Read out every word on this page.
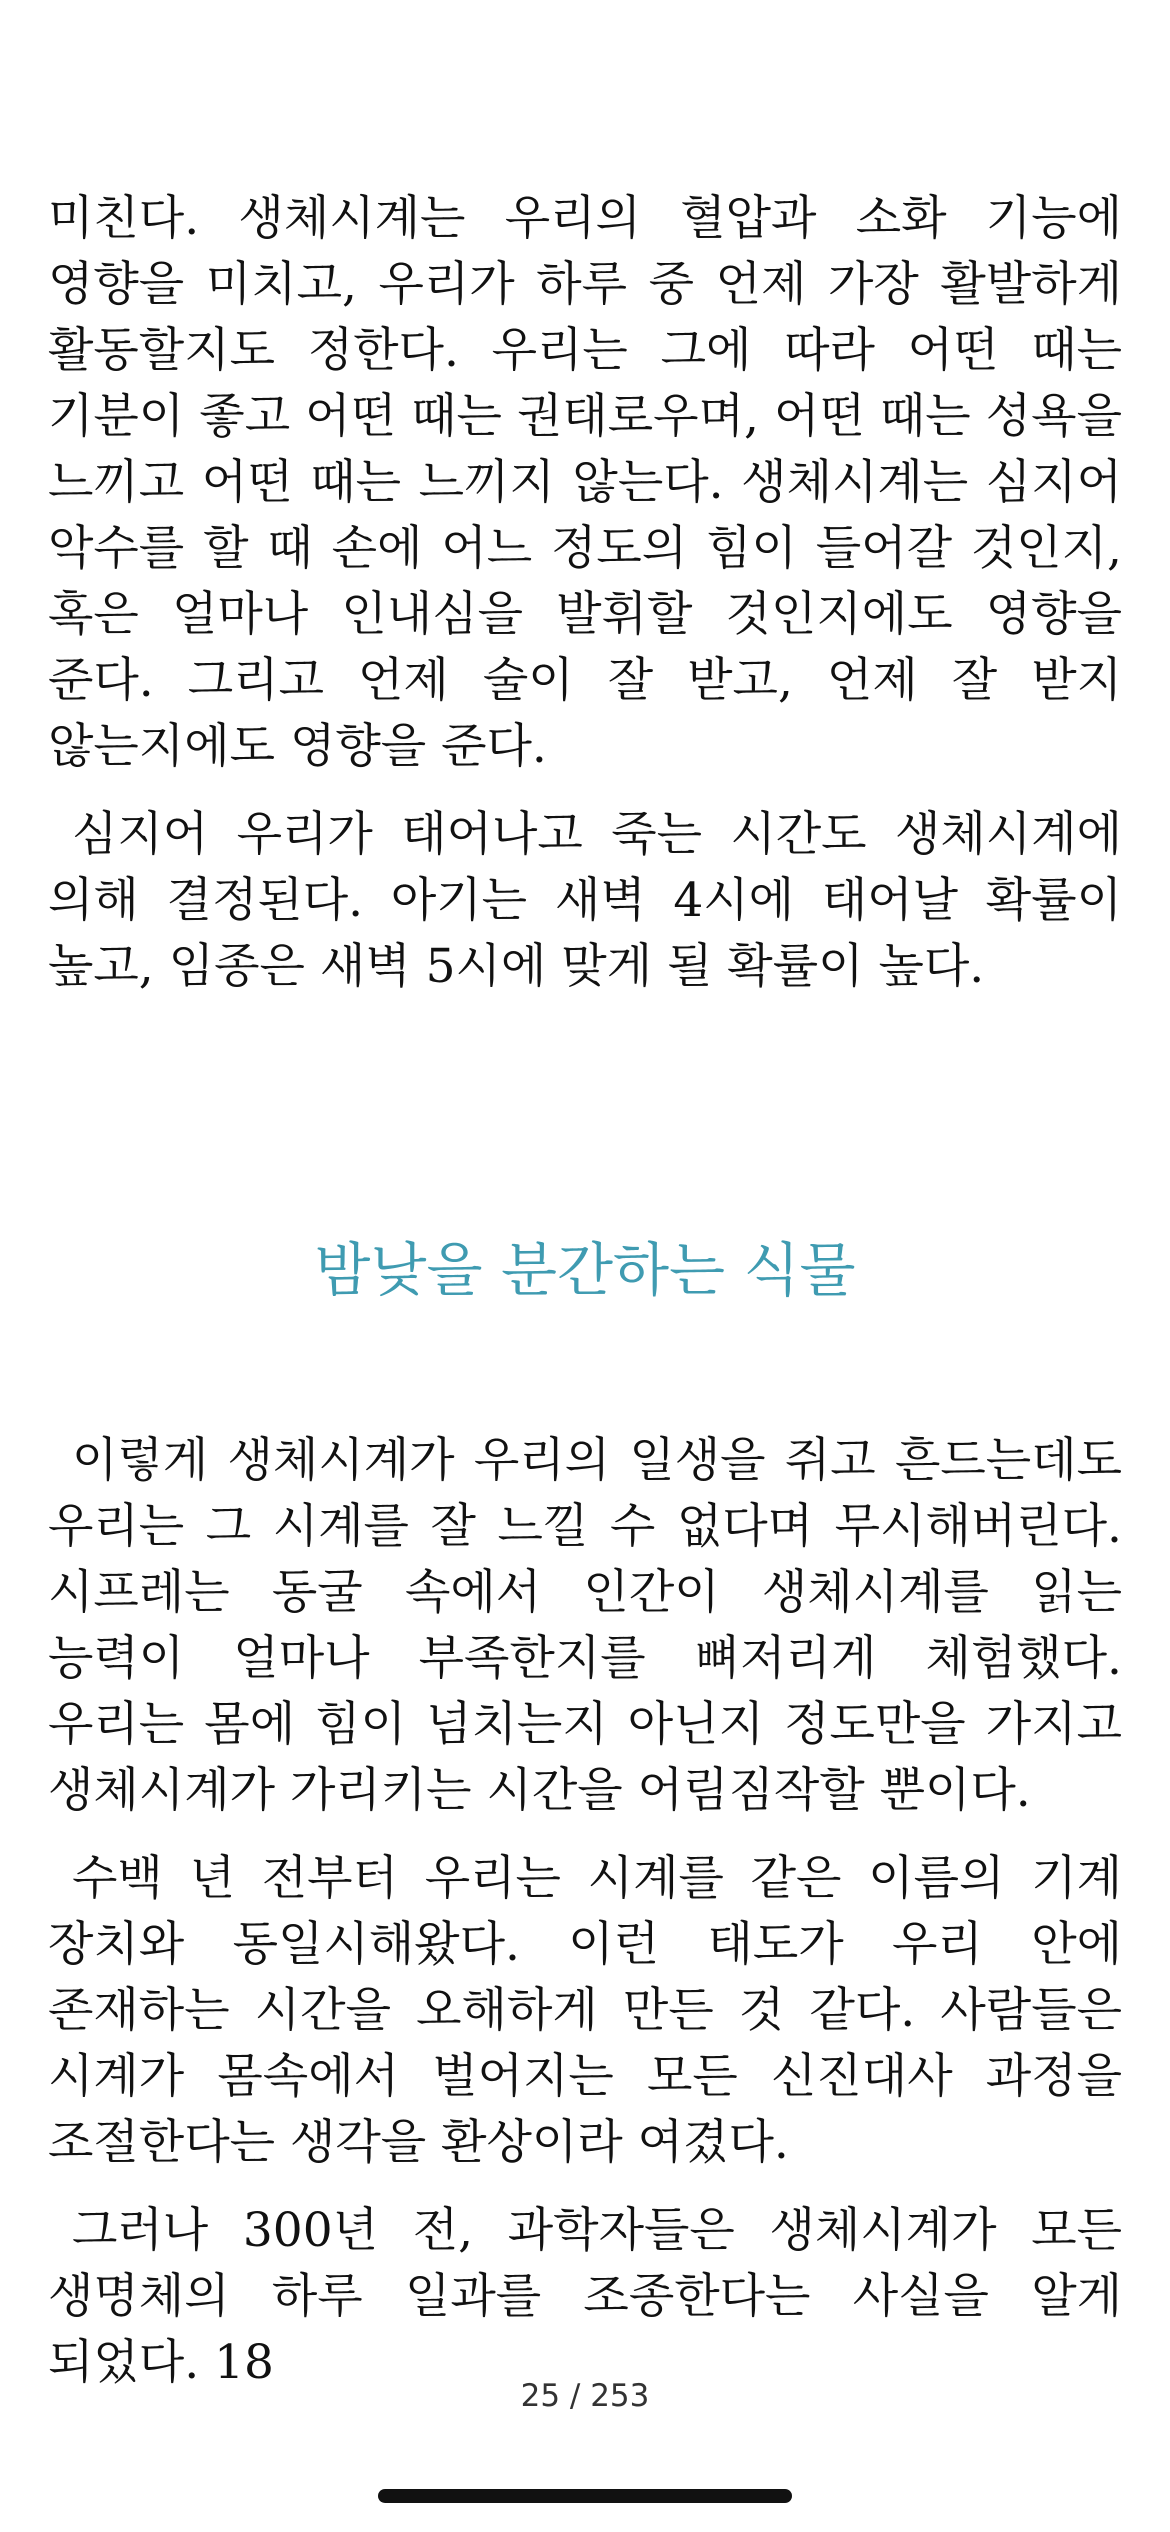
미친다. 생체시계는 우리의 혈압과 소화 기능에 영향을 미치고, 우리가 하루 중 언제 가장 활발하게 활동할지도 정한다. 우리는 그에 따라 어떤 때는 기분이 좋고 어떤 때는 권태로우며, 어떤 때는 성욕을 느끼고 어떤 때는 느끼지 않는다. 생체시계는 심지어 악수를 할 때 손에 어느 정도의 힘이 들어갈 것인지, 혹은 얼마나 인내심을 발휘할 것인지에도 영향을 준다. 그리고 언제 술이 잘 받고, 언제 잘 받지 않는지에도 영향을 준다.

심지어 우리가 태어나고 죽는 시간도 생체시계에 의해 결정된다. 아기는 새벽 4시에 태어날 확률이 높고, 임종은 새벽 5시에 맞게 될 확률이 높다.

밤낮을 분간하는 식물

이렇게 생체시계가 우리의 일생을 쥐고 흔드는데도 우리는 그 시계를 잘 느낄 수 없다며 무시해버린다. 시프레는 동굴 속에서 인간이 생체시계를 읽는 능력이 얼마나 부족한지를 뼈저리게 체험했다. 우리는 몸에 힘이 넘치는지 아닌지 정도만을 가지고 생체시계가 가리키는 시간을 어림짐작할 뿐이다.

수백 년 전부터 우리는 시계를 같은 이름의 기계 장치와 동일시해왔다. 이런 태도가 우리 안에 존재하는 시간을 오해하게 만든 것 같다. 사람들은 시계가 몸속에서 벌어지는 모든 신진대사 과정을 조절한다는 생각을 환상이라 여겼다.

그러나 300년 전, 과학자들은 생체시계가 모든 생명체의 하루 일과를 조종한다는 사실을 알게 되었다. 18

25 / 253
